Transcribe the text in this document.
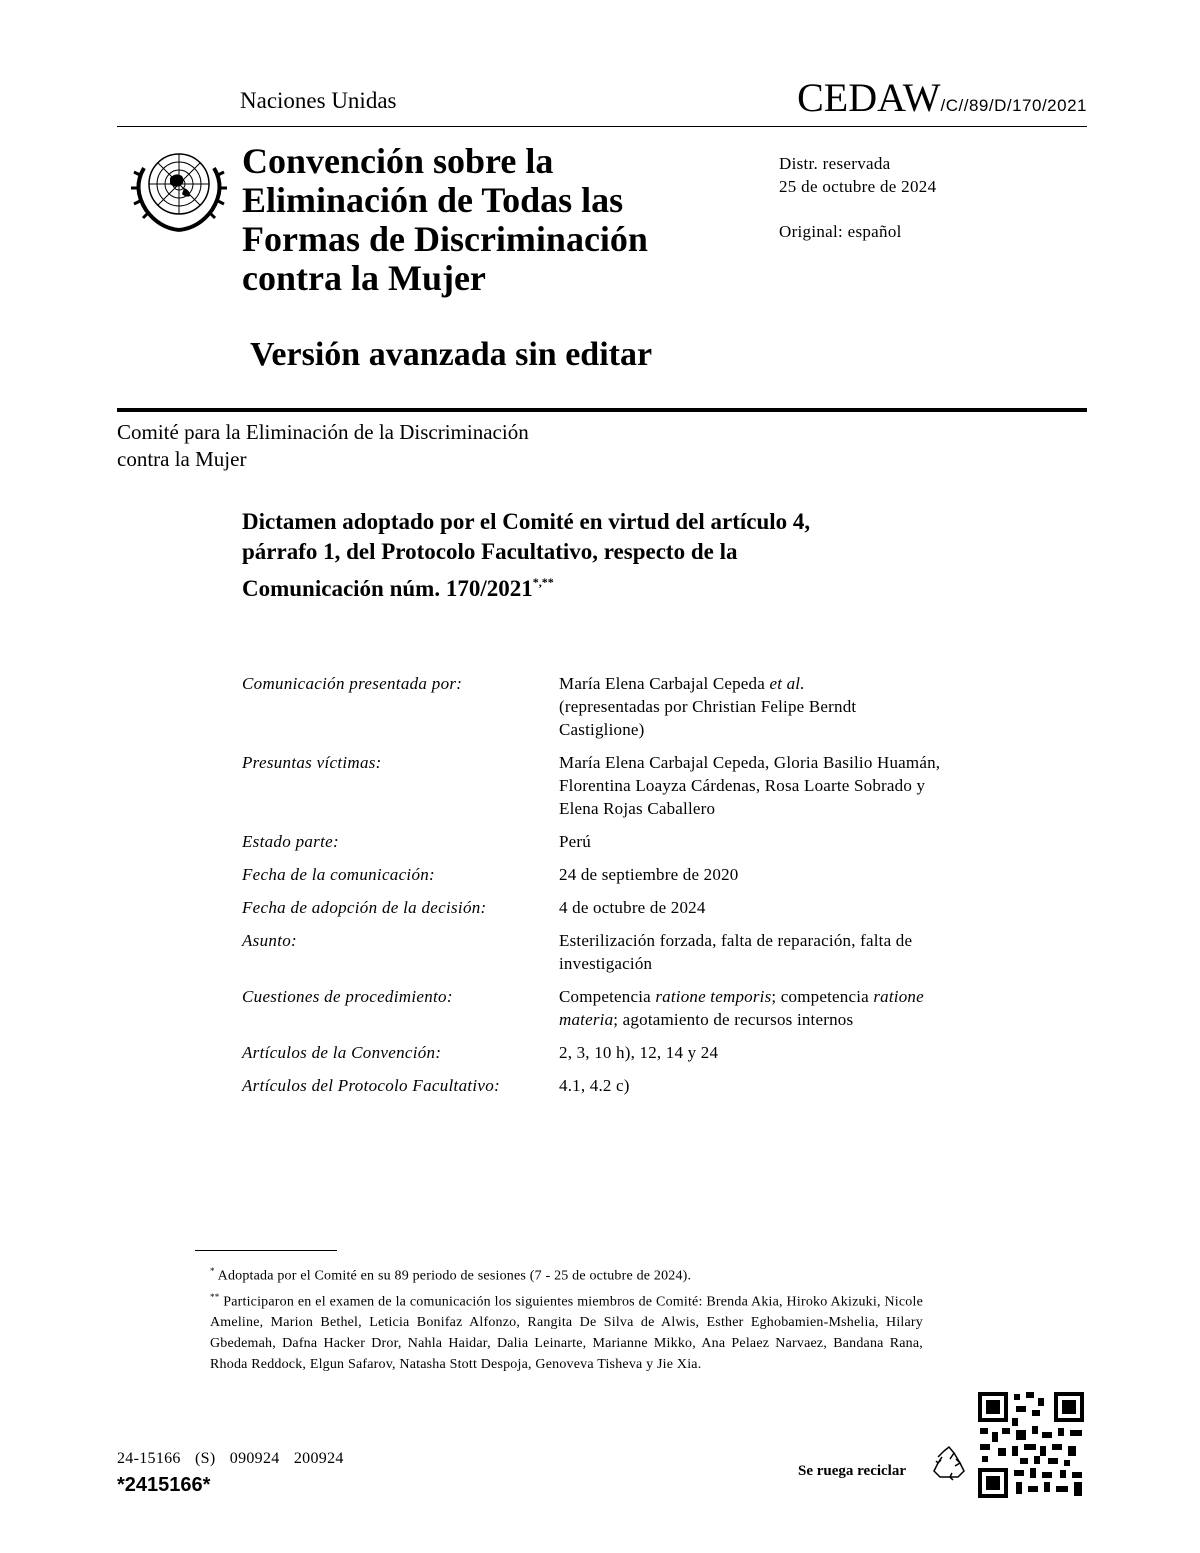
Naciones Unidas	CEDAW/C//89/D/170/2021
Convención sobre la
Eliminación de Todas las
Formas de Discriminación
contra la Mujer
Distr. reservada
25 de octubre de 2024
Original: español
Versión avanzada sin editar
Comité para la Eliminación de la Discriminación
contra la Mujer
Dictamen adoptado por el Comité en virtud del artículo 4,
párrafo 1, del Protocolo Facultativo, respecto de la
Comunicación núm. 170/2021*,**
Comunicación presentada por:	María Elena Carbajal Cepeda et al.
(representadas por Christian Felipe Berndt Castiglione)
Presuntas víctimas:	María Elena Carbajal Cepeda, Gloria Basilio Huamán, Florentina Loayza Cárdenas, Rosa Loarte Sobrado y Elena Rojas Caballero
Estado parte:	Perú
Fecha de la comunicación:	24 de septiembre de 2020
Fecha de adopción de la decisión:	4 de octubre de 2024
Asunto:	Esterilización forzada, falta de reparación, falta de investigación
Cuestiones de procedimiento:	Competencia ratione temporis; competencia ratione materia; agotamiento de recursos internos
Artículos de la Convención:	2, 3, 10 h), 12, 14 y 24
Artículos del Protocolo Facultativo:	4.1, 4.2 c)

* Adoptada por el Comité en su 89 periodo de sesiones (7 - 25 de octubre de 2024).

** Participaron en el examen de la comunicación los siguientes miembros de Comité: Brenda Akia, Hiroko Akizuki, Nicole Ameline, Marion Bethel, Leticia Bonifaz Alfonzo, Rangita De Silva de Alwis, Esther Eghobamien-Mshelia, Hilary Gbedemah, Dafna Hacker Dror, Nahla Haidar, Dalia Leinarte, Marianne Mikko, Ana Pelaez Narvaez, Bandana Rana, Rhoda Reddock, Elgun Safarov, Natasha Stott Despoja, Genoveva Tisheva y Jie Xia.

24-15166 (S) 090924 200924
*2415166*
Se ruega reciclar
